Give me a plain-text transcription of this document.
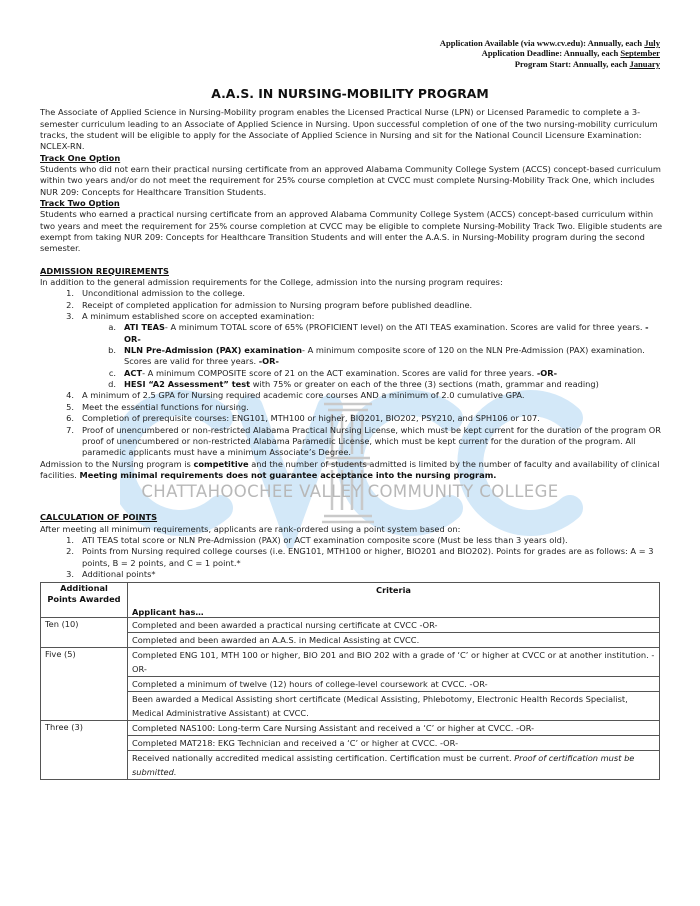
Application Available (via www.cv.edu): Annually, each July
Application Deadline: Annually, each September
Program Start: Annually, each January
A.A.S. IN NURSING-MOBILITY PROGRAM

The Associate of Applied Science in Nursing-Mobility program enables the Licensed Practical Nurse (LPN) or Licensed Paramedic to complete a 3-semester curriculum leading to an Associate of Applied Science in Nursing. Upon successful completion of one of the two nursing-mobility curriculum tracks, the student will be eligible to apply for the Associate of Applied Science in Nursing and sit for the National Council Licensure Examination: NCLEX-RN.

Track One Option

Students who did not earn their practical nursing certificate from an approved Alabama Community College System (ACCS) concept-based curriculum within two years and/or do not meet the requirement for 25% course completion at CVCC must complete Nursing-Mobility Track One, which includes NUR 209: Concepts for Healthcare Transition Students.

Track Two Option

Students who earned a practical nursing certificate from an approved Alabama Community College System (ACCS) concept-based curriculum within two years and meet the requirement for 25% course completion at CVCC may be eligible to complete Nursing-Mobility Track Two. Eligible students are exempt from taking NUR 209: Concepts for Healthcare Transition Students and will enter the A.A.S. in Nursing-Mobility program during the second semester.

ADMISSION REQUIREMENTS

In addition to the general admission requirements for the College, admission into the nursing program requires:

1. Unconditional admission to the college.
2. Receipt of completed application for admission to Nursing program before published deadline.
3. A minimum established score on accepted examination:
a. ATI TEAS- A minimum TOTAL score of 65% (PROFICIENT level) on the ATI TEAS examination. Scores are valid for three years. -OR-
b. NLN Pre-Admission (PAX) examination- A minimum composite score of 120 on the NLN Pre-Admission (PAX) examination. Scores are valid for three years. -OR-
c. ACT- A minimum COMPOSITE score of 21 on the ACT examination. Scores are valid for three years. -OR-
d. HESI “A2 Assessment” test with 75% or greater on each of the three (3) sections (math, grammar and reading)
4. A minimum of 2.5 GPA for Nursing required academic core courses AND a minimum of 2.0 cumulative GPA.
5. Meet the essential functions for nursing.
6. Completion of prerequisite courses: ENG101, MTH100 or higher, BIO201, BIO202, PSY210, and SPH106 or 107.
7. Proof of unencumbered or non-restricted Alabama Practical Nursing License, which must be kept current for the duration of the program OR proof of unencumbered or non-restricted Alabama Paramedic License, which must be kept current for the duration of the program. All paramedic applicants must have a minimum Associate’s Degree.

Admission to the Nursing program is competitive and the number of students admitted is limited by the number of faculty and availability of clinical facilities. Meeting minimal requirements does not guarantee acceptance into the nursing program.

CHATTAHOOCHEE VALLEY COMMUNITY COLLEGE

CALCULATION OF POINTS

After meeting all minimum requirements, applicants are rank-ordered using a point system based on:

1. ATI TEAS total score or NLN Pre-Admission (PAX) or ACT examination composite score (Must be less than 3 years old).
2. Points from Nursing required college courses (i.e. ENG101, MTH100 or higher, BIO201 and BIO202). Points for grades are as follows: A = 3 points, B = 2 points, and C = 1 point.*
3. Additional points*
Additional Points Awarded	Criteria
Applicant has…

Ten (10)	Completed and been awarded a practical nursing certificate at CVCC -OR-
	Completed and been awarded an A.A.S. in Medical Assisting at CVCC.
Five (5)	Completed ENG 101, MTH 100 or higher, BIO 201 and BIO 202 with a grade of ‘C’ or higher at CVCC or at another institution. -OR-
	Completed a minimum of twelve (12) hours of college-level coursework at CVCC. -OR-
	Been awarded a Medical Assisting short certificate (Medical Assisting, Phlebotomy, Electronic Health Records Specialist, Medical Administrative Assistant) at CVCC.
Three (3)	Completed NAS100: Long-term Care Nursing Assistant and received a ‘C’ or higher at CVCC. -OR-
	Completed MAT218: EKG Technician and received a ‘C’ or higher at CVCC. -OR-
	Received nationally accredited medical assisting certification. Certification must be current. Proof of certification must be submitted.
